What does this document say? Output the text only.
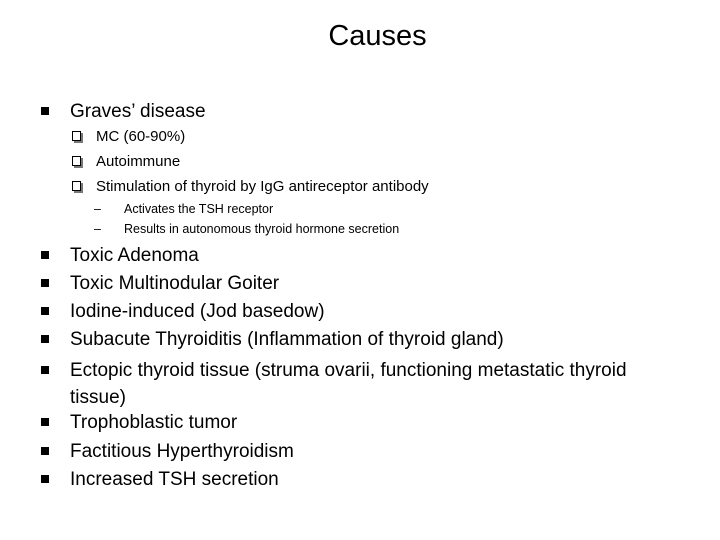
Causes
Graves’ disease
MC (60-90%)
Autoimmune
Stimulation of thyroid by IgG antireceptor antibody
– Activates the TSH receptor
– Results in autonomous thyroid hormone secretion
Toxic Adenoma
Toxic Multinodular Goiter
Iodine-induced (Jod basedow)
Subacute Thyroiditis (Inflammation of thyroid gland)
Ectopic thyroid tissue (struma ovarii, functioning metastatic thyroid tissue)
Trophoblastic tumor
Factitious Hyperthyroidism
Increased TSH secretion
